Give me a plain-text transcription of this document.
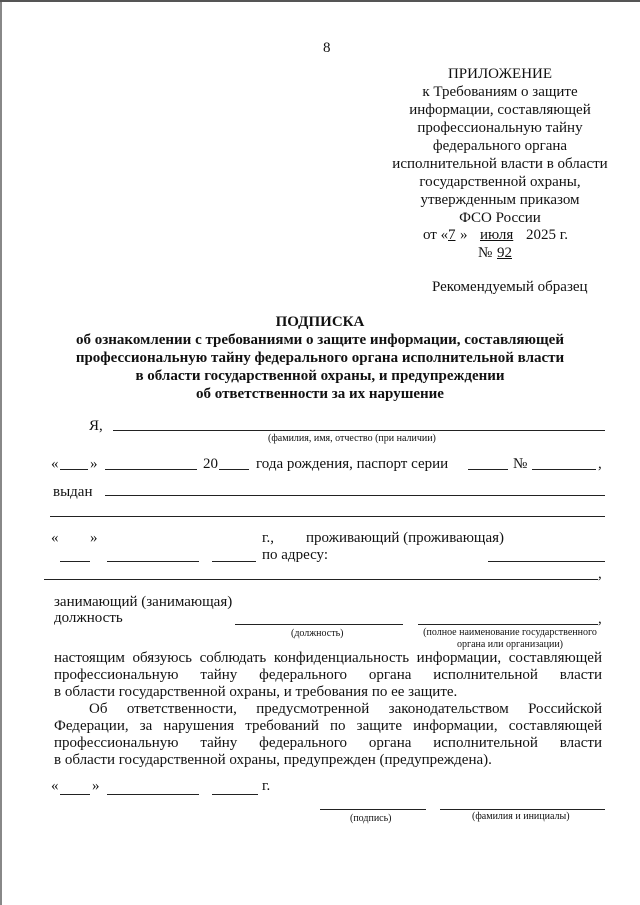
8
ПРИЛОЖЕНИЕ
к Требованиям о защите
информации, составляющей
профессиональную тайну
федерального органа
исполнительной власти в области
государственной охраны,
утвержденным приказом
ФСО России
от « 7 » июля 2025 г.
№ 92
Рекомендуемый образец
ПОДПИСКА
об ознакомлении с требованиями о защите информации, составляющей
профессиональную тайну федерального органа исполнительной власти
в области государственной охраны, и предупреждении
об ответственности за их нарушение
Я,
(фамилия, имя, отчество (при наличии)
« »	20	года рождения, паспорт серии	№	,
выдан
« »	г., проживающий (проживающая)
по адресу:
,
занимающий (занимающая)
должность	,
(должность)	(полное наименование государственного
органа или организации)
настоящим обязуюсь соблюдать конфиденциальность информации, составляющей
профессиональную тайну федерального органа исполнительной власти
в области государственной охраны, и требования по ее защите.
Об ответственности, предусмотренной законодательством Российской
Федерации, за нарушения требований по защите информации, составляющей
профессиональную тайну федерального органа исполнительной власти
в области государственной охраны, предупрежден (предупреждена).
« »	г.
(подпись)	(фамилия и инициалы)
